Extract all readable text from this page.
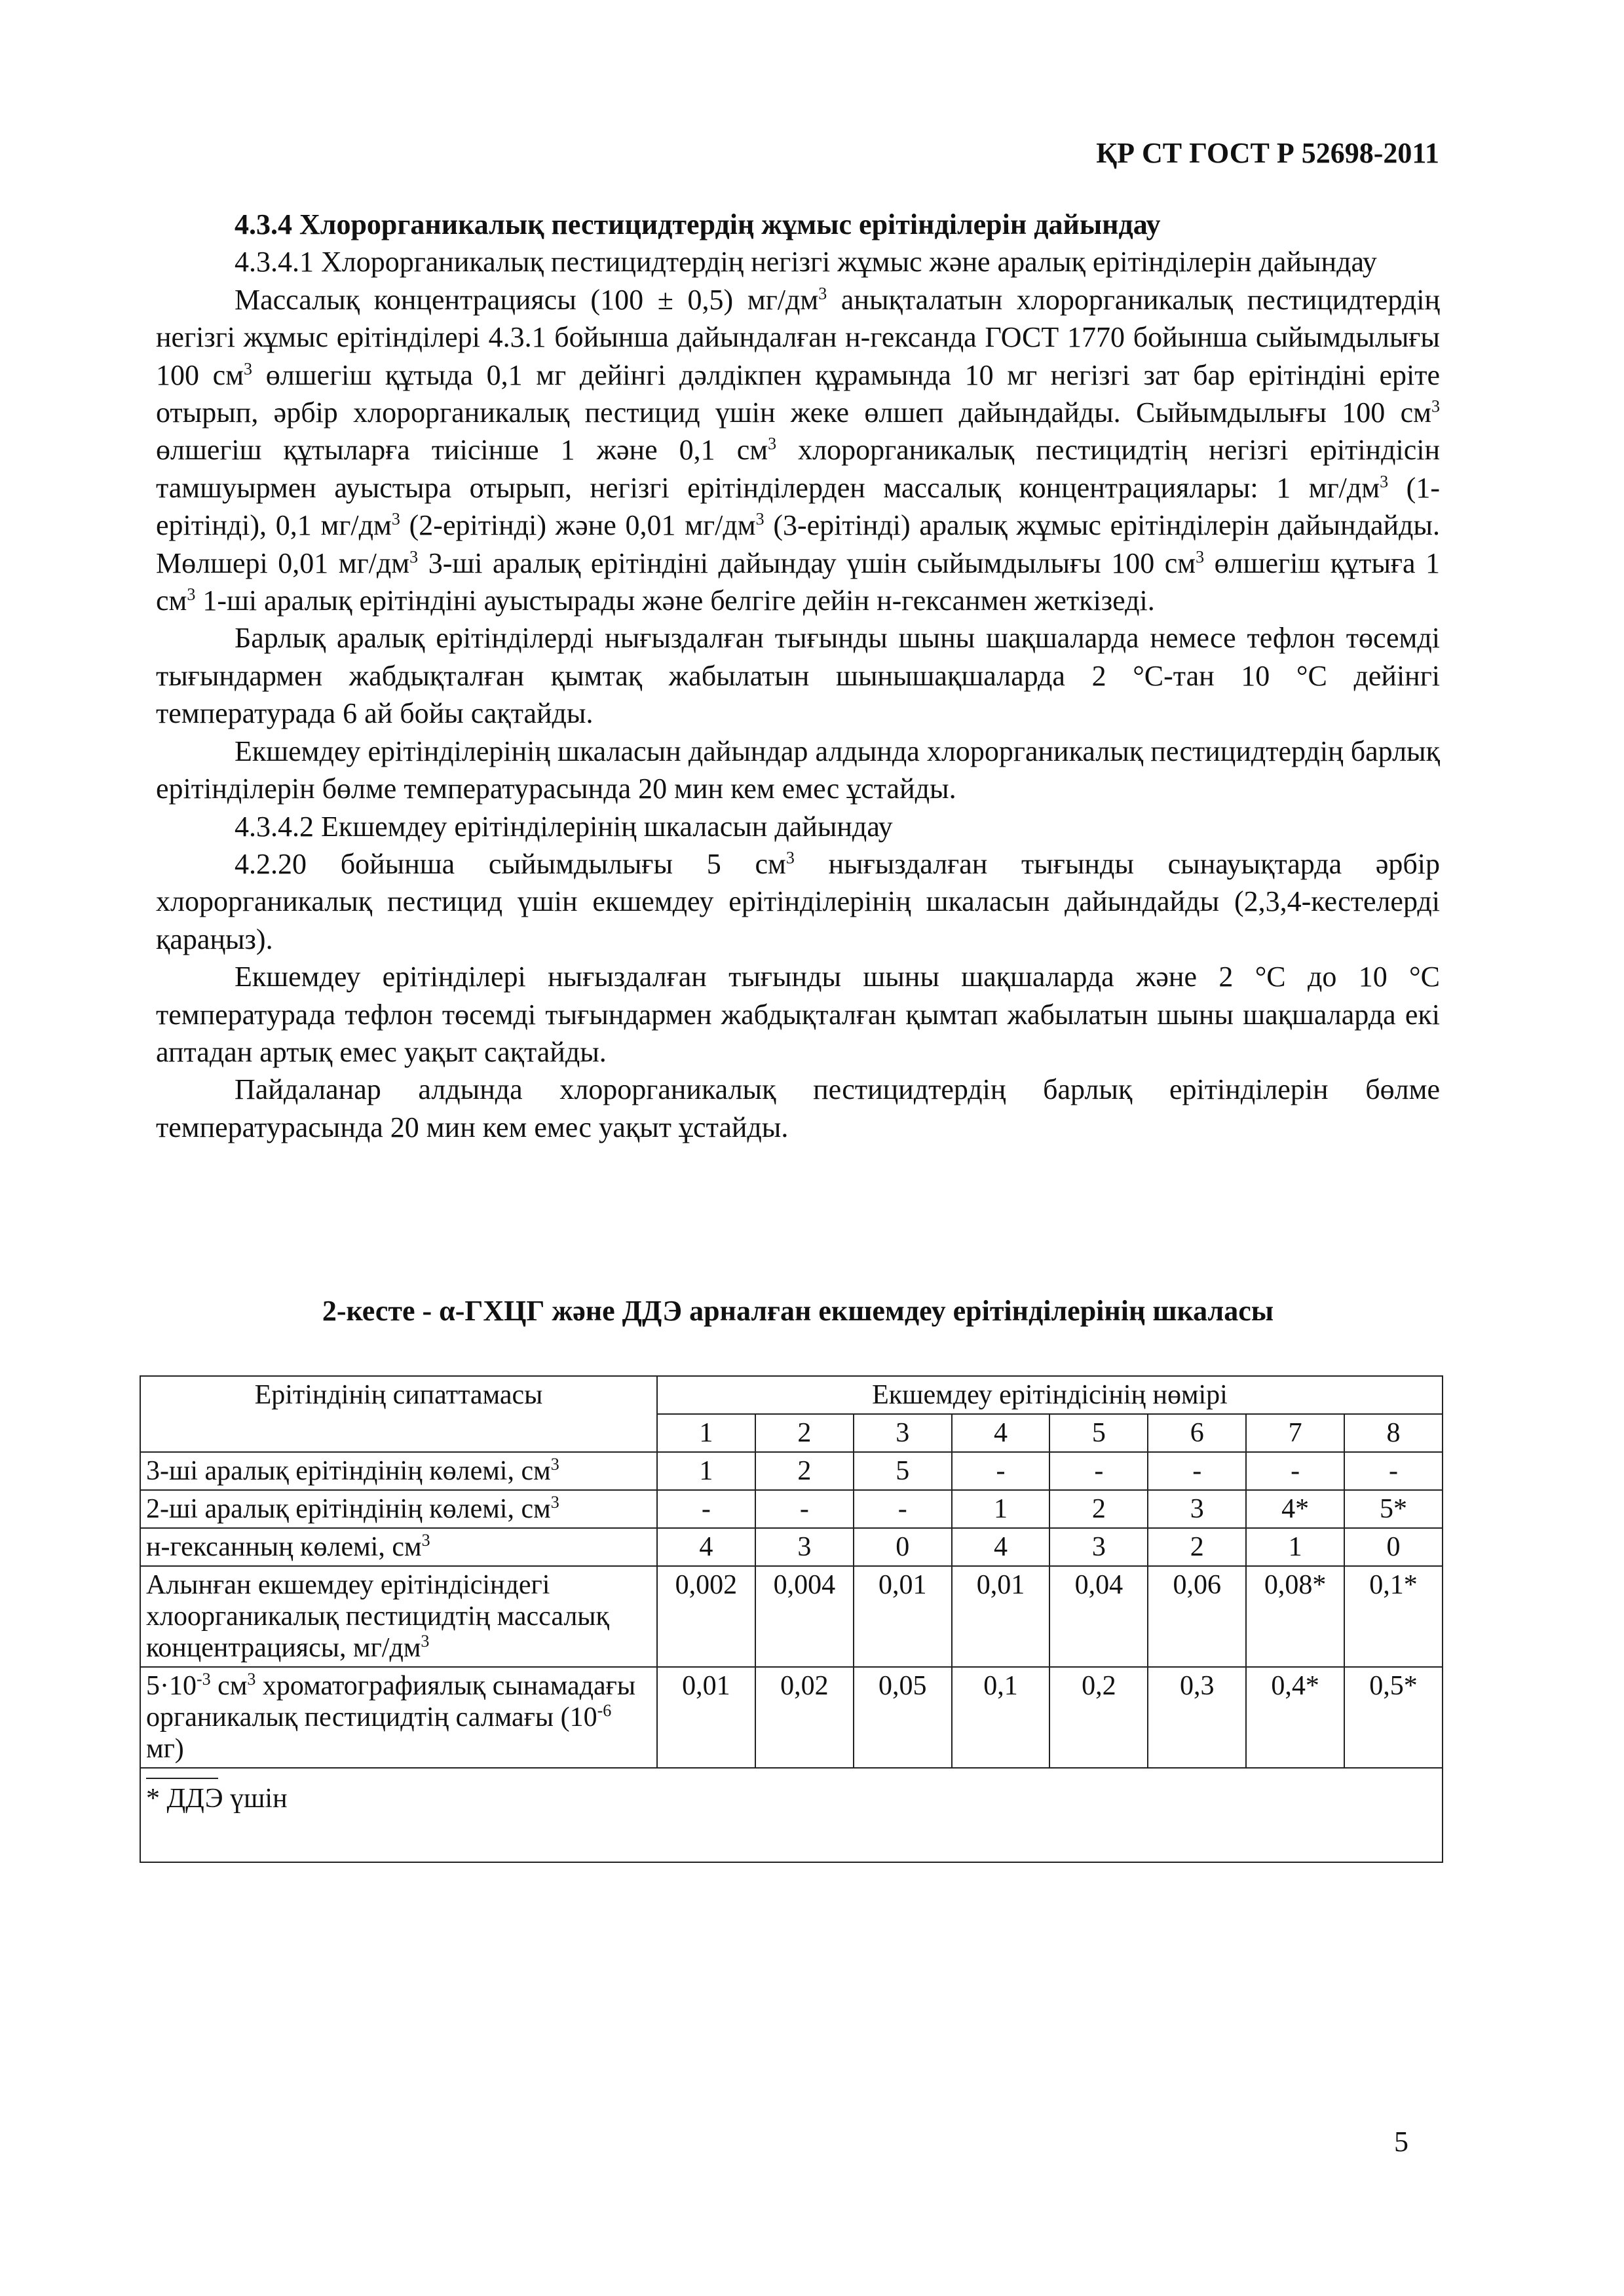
ҚР СТ ГОСТ Р 52698-2011

4.3.4 Хлорорганикалық пестицидтердің жұмыс ерітінділерін дайындау

4.3.4.1 Хлорорганикалық пестицидтердің негізгі жұмыс және аралық ерітінділерін дайындау

Массалық концентрациясы (100 ± 0,5) $мг/дм^3$ анықталатын хлорорганикалық пестицидтердің негізгі жұмыс ерітінділері 4.3.1 бойынша дайындалған н-гександа ГОСТ 1770 бойынша сыйымдылығы 100 $см^3$ өлшегіш құтыда 0,1 мг дейінгі дәлдікпен құрамында 10 мг негізгі зат бар ерітіндіні ерітe отырып, әрбір хлорорганикалық пестицид үшін жеке өлшеп дайындайды. Сыйымдылығы 100 $см^3$ өлшегіш құтыларға тиісінше 1 және 0,1 $см^3$ хлорорганикалық пестицидтің негізгі ерітіндісін тамшуырмен ауыстыра отырып, негізгі ерітінділерден массалық концентрациялары: 1 $мг/дм^3$ (1-ерітінді), 0,1 $мг/дм^3$ (2-ерітінді) және 0,01 $мг/дм^3$ (3-ерітінді) аралық жұмыс ерітінділерін дайындайды. Мөлшері 0,01 $мг/дм^3$ 3-ші аралық ерітіндіні дайындау үшін сыйымдылығы 100 $см^3$ өлшегіш құтыға 1 $см^3$ 1-ші аралық ерітіндіні ауыстырады және белгіге дейін н-гексанмен жеткізеді.

Барлық аралық ерітінділерді нығыздалған тығынды шыны шақшаларда немесе тефлон төсемді тығындармен жабдықталған қымтақ жабылатын шынышақшаларда 2 °С-тан 10 °С дейінгі температурада 6 ай бойы сақтайды.

Екшемдеу ерітінділерінің шкаласын дайындар алдында хлорорганикалық пестицидтердің барлық ерітінділерін бөлме температурасында 20 мин кем емес ұстайды.

4.3.4.2 Екшемдеу ерітінділерінің шкаласын дайындау

4.2.20 бойынша сыйымдылығы 5 $см^3$ нығыздалған тығынды сынауықтарда әрбір хлорорганикалық пестицид үшін екшемдеу ерітінділерінің шкаласын дайындайды (2,3,4-кестелерді қараңыз).

Екшемдеу ерітінділері нығыздалған тығынды шыны шақшаларда және 2 °С до 10 °С температурада тефлон төсемді тығындармен жабдықталған қымтап жабылатын шыны шақшаларда екі аптадан артық емес уақыт сақтайды.

Пайдаланар алдында хлорорганикалық пестицидтердің барлық ерітінділерін бөлме температурасында 20 мин кем емес уақыт ұстайды.

2-кесте - α-ГХЦГ және ДДЭ арналған екшемдеу ерітінділерінің шкаласы
Ерітіндінің сипаттамасы	Екшемдеу ерітіндісінің нөмірі							
	1	2	3	4	5	6	7	8
3-ші аралық ерітіндінің көлемі, $см^3$	1	2	5	-	-	-	-	-
2-ші аралық ерітіндінің көлемі, $см^3$	-	-	-	1	2	3	4*	5*
н-гексанның көлемі, $см^3$	4	3	0	4	3	2	1	0
Алынған екшемдеу ерітіндісіндегі хлоорганикалық пестицидтің массалық концентрациясы, $мг/дм^3$	0,002	0,004	0,01	0,01	0,04	0,06	0,08*	0,1*
$5\cdot 10^{-3}$ $см^3$ хроматографиялық сынамадағы органикалық пестицидтің салмағы ($10^{-6}$ мг)	0,01	0,02	0,05	0,1	0,2	0,3	0,4*	0,5*

* ДДЭ үшін								
5
